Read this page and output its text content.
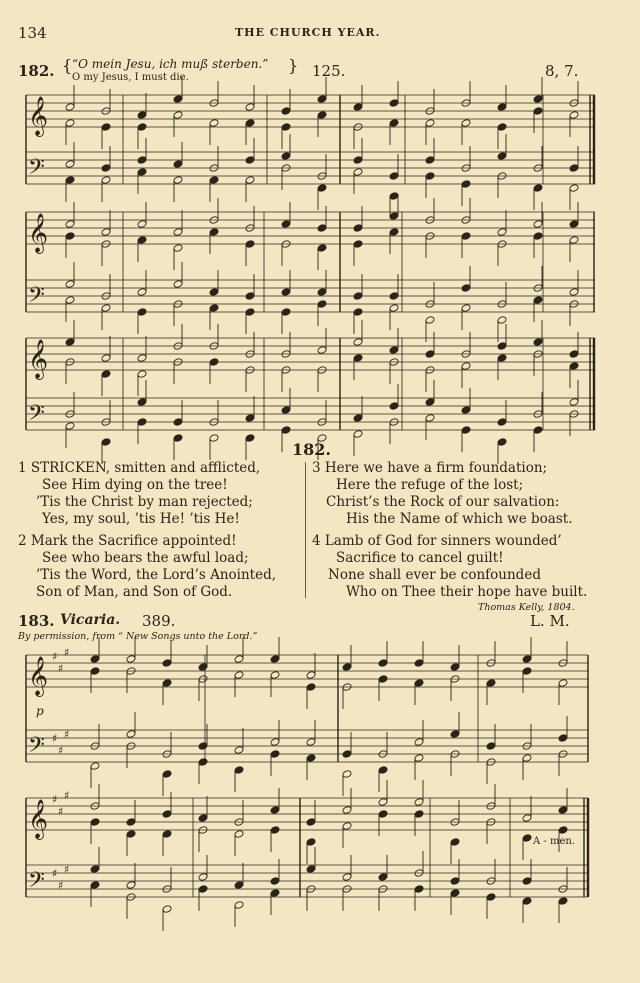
134	THE CHURCH YEAR.
182. { “O mein Jesu, ich muß sterben.”
O my Jesus, I must die.
} 125.	8, 7.
𝄞
𝄢
𝄞
𝄢
𝄞
𝄢
𝄞
𝄢
𝄞
𝄢
♯
♯
♯
♯
♯
♯
♯
♯
♯
♯
♯
♯
p
A - men.
182.
1 STRICKEN, smitten and afflicted,
See Him dying on the tree!
’Tis the Christ by man rejected;
Yes, my soul, ’tis He! ’tis He!
2 Mark the Sacrifice appointed!
See who bears the awful load;
’Tis the Word, the Lord’s Anointed,
Son of Man, and Son of God.
3 Here we have a firm foundation;
Here the refuge of the lost;
Christ’s the Rock of our salvation:
His the Name of which we boast.
4 Lamb of God for sinners wounded’
Sacrifice to cancel guilt!
None shall ever be confounded
Who on Thee their hope have built.
Thomas Kelly, 1804.
183. Vicaria. 389.	L. M.
By permission, from “ New Songs unto the Lord.”
